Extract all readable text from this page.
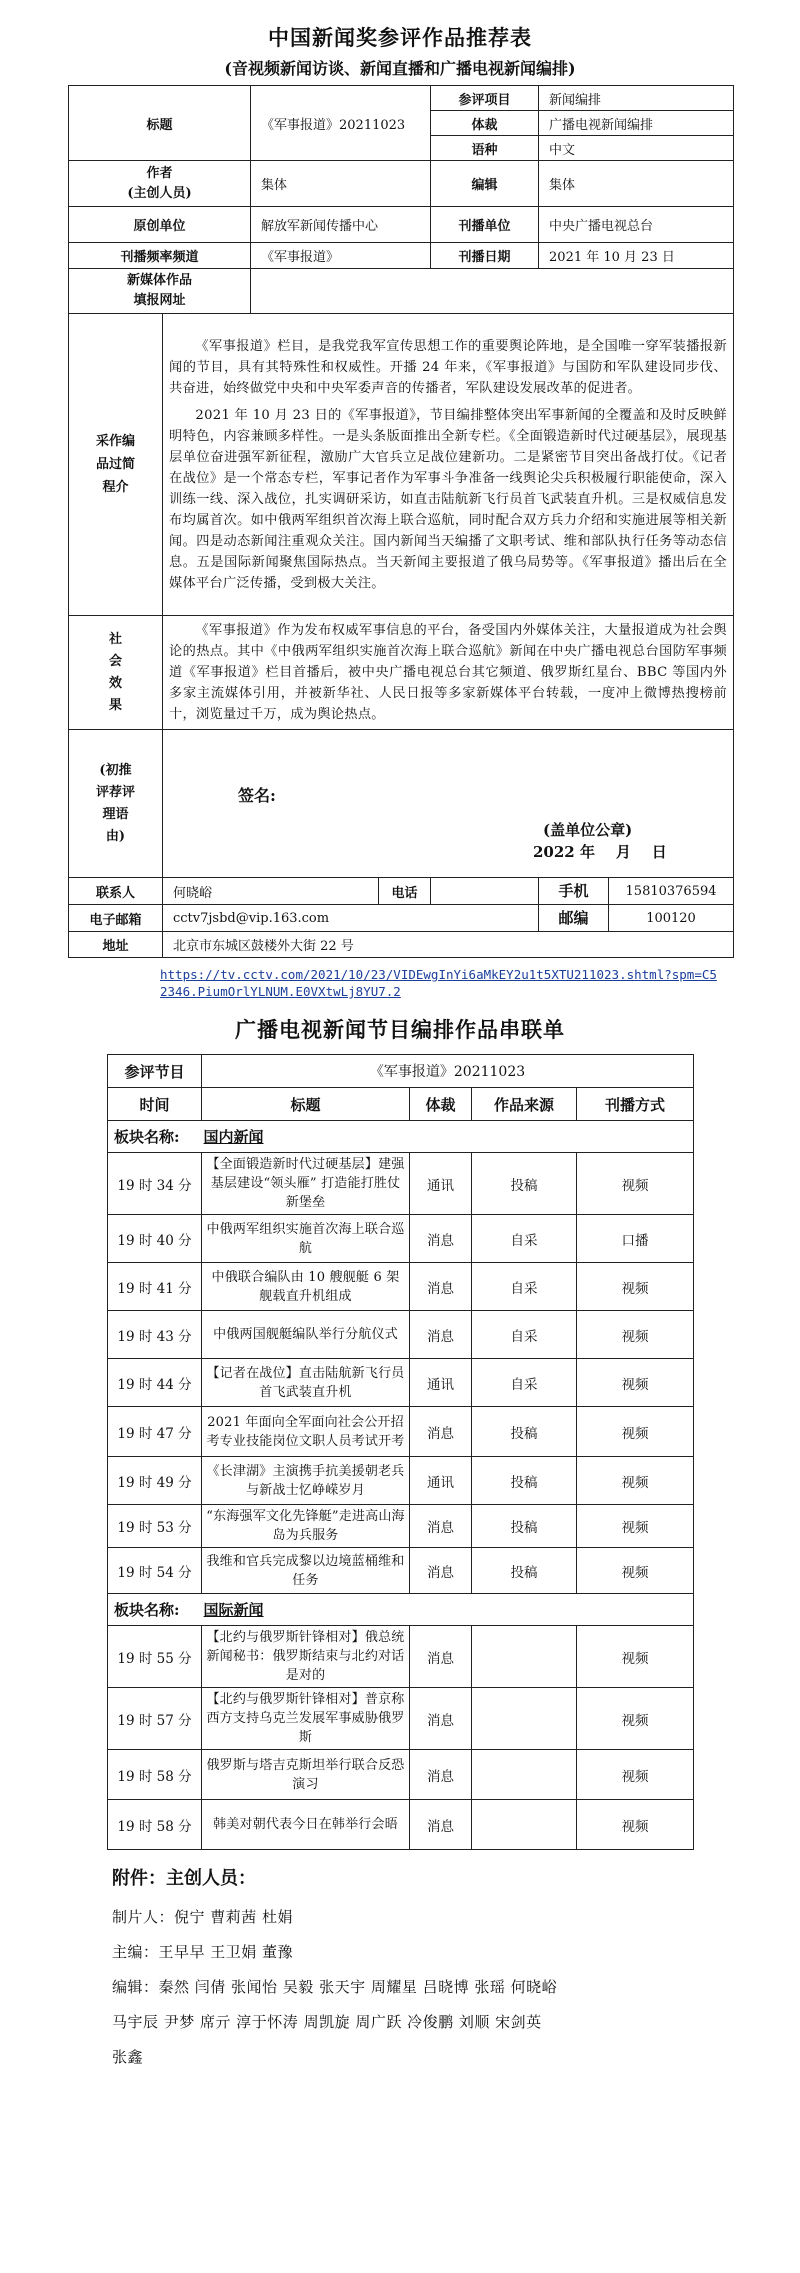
中国新闻奖参评作品推荐表
(音视频新闻访谈、新闻直播和广播电视新闻编排)
标题		《军事报道》20211023		参评项目	新闻编排
				体裁	广播电视新闻编排
				语种	中文
作者
(主创人员)		集体		编辑	集体
原创单位		解放军新闻传播中心		刊播单位	中央广播电视总台
刊播频率频道		《军事报道》		刊播日期	2021 年 10 月 23 日
新媒体作品
填报网址					

采作编品过简程介	《军事报道》栏目，是我党我军宣传思想工作的重要舆论阵地，是全国唯一穿军装播报新闻的节目，具有其特殊性和权威性。开播 24 年来，《军事报道》与国防和军队建设同步伐、共奋进，始终做党中央和中央军委声音的传播者，军队建设发展改革的促进者。

2021 年 10 月 23 日的《军事报道》，节目编排整体突出军事新闻的全覆盖和及时反映鲜明特色，内容兼顾多样性。一是头条版面推出全新专栏。《全面锻造新时代过硬基层》，展现基层单位奋进强军新征程，激励广大官兵立足战位建新功。二是紧密节目突出备战打仗。《记者在战位》是一个常态专栏，军事记者作为军事斗争准备一线舆论尖兵积极履行职能使命，深入训练一线、深入战位，扎实调研采访，如直击陆航新飞行员首飞武装直升机。三是权威信息发布均属首次。如中俄两军组织首次海上联合巡航，同时配合双方兵力介绍和实施进展等相关新闻。四是动态新闻注重观众关注。国内新闻当天编播了文职考试、维和部队执行任务等动态信息。五是国际新闻聚焦国际热点。当天新闻主要报道了俄乌局势等。《军事报道》播出后在全媒体平台广泛传播，受到极大关注。				

社会效果	《军事报道》作为发布权威军事信息的平台，备受国内外媒体关注，大量报道成为社会舆论的热点。其中《中俄两军组织实施首次海上联合巡航》新闻在中央广播电视总台国防军事频道《军事报道》栏目首播后，被中央广播电视总台其它频道、俄罗斯红星台、BBC 等国内外多家主流媒体引用，并被新华社、人民日报等多家新媒体平台转载，一度冲上微博热搜榜前十，浏览量过千万，成为舆论热点。				

(初推评荐评理语由)	签名:
(盖单位公章)
2022 年    月    日				

联系人	何晓峪		电话		手机 15810376594

电子邮箱	cctv7jsbd@vip.163.com				邮编 100120

地址	北京市东城区鼓楼外大街 22 号				
https://tv.cctv.com/2021/10/23/VIDEwgInYi6aMkEY2u1t5XTU211023.shtml?spm=C52346.PiumOrlYLNUM.E0VXtwLj8YU7.2
广播电视新闻节目编排作品串联单
参评节目	《军事报道》20211023			
时间	标题	体裁	作品来源	刊播方式
板块名称: 国内新闻				
19 时 34 分	【全面锻造新时代过硬基层】建强基层建设“领头雁” 打造能打胜仗新堡垒	通讯	投稿	视频
19 时 40 分	中俄两军组织实施首次海上联合巡航	消息	自采	口播
19 时 41 分	中俄联合编队由 10 艘舰艇 6 架舰载直升机组成	消息	自采	视频
19 时 43 分	中俄两国舰艇编队举行分航仪式	消息	自采	视频
19 时 44 分	【记者在战位】直击陆航新飞行员首飞武装直升机	通讯	自采	视频
19 时 47 分	2021 年面向全军面向社会公开招考专业技能岗位文职人员考试开考	消息	投稿	视频
19 时 49 分	《长津湖》主演携手抗美援朝老兵与新战士忆峥嵘岁月	通讯	投稿	视频
19 时 53 分	“东海强军文化先锋艇”走进高山海岛为兵服务	消息	投稿	视频
19 时 54 分	我维和官兵完成黎以边境蓝桶维和任务	消息	投稿	视频
板块名称: 国际新闻				
19 时 55 分	【北约与俄罗斯针锋相对】俄总统新闻秘书：俄罗斯结束与北约对话是对的	消息		视频
19 时 57 分	【北约与俄罗斯针锋相对】普京称西方支持乌克兰发展军事威胁俄罗斯	消息		视频
19 时 58 分	俄罗斯与塔吉克斯坦举行联合反恐演习	消息		视频
19 时 58 分	韩美对朝代表今日在韩举行会晤	消息		视频
附件：主创人员：
制片人：倪宁 曹莉茜 杜娟
主编：王早早 王卫娟 董豫
编辑：秦然 闫倩 张闻怡 吴毅 张天宇 周耀星 吕晓博 张瑶 何晓峪
马宇辰 尹梦 席亓 淳于怀涛 周凯旋 周广跃 冷俊鹏 刘顺 宋剑英
张鑫
